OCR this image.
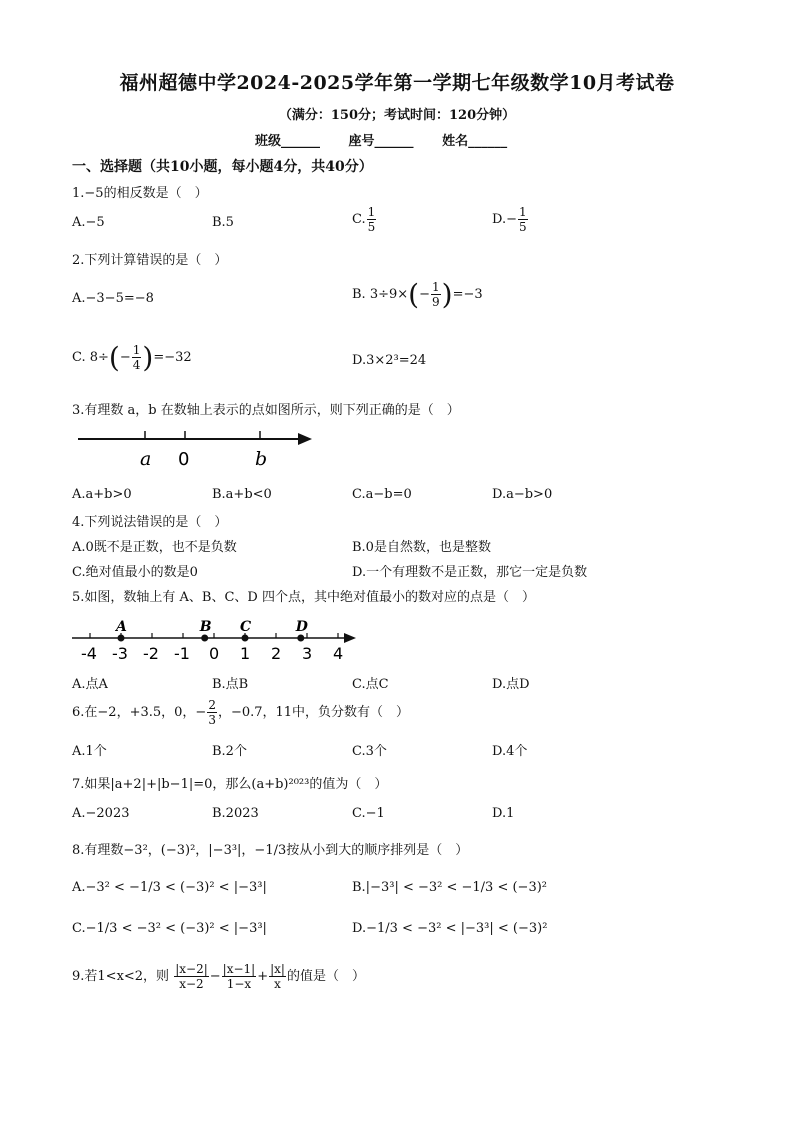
福州超德中学2024-2025学年第一学期七年级数学10月考试卷
（满分：150分；考试时间：120分钟）
班级______ 座号______ 姓名______
一、选择题（共10小题，每小题4分，共40分）
1.−5的相反数是（　）
A.−5	B.5	C. $\frac{1}{5}$	$D.- \frac{1}{5}$
2.下列计算错误的是（　）
A.−3−5=−8	B. $3\div 9\times(- \frac{1}{9} )=-3$
C. $8\div(- \frac{1}{4} )=-32$	D.3×2³=24
3.有理数 a，b 在数轴上表示的点如图所示，则下列正确的是（　）
a 0	b
A.a+b>0	B.a+b<0	C.a−b=0	D.a−b>0
4.下列说法错误的是（　）
A.0既不是正数，也不是负数	B.0是自然数，也是整数
C.绝对值最小的数是0	D.一个有理数不是正数，那它一定是负数
5.如图，数轴上有 A、B、C、D 四个点，其中绝对值最小的数对应的点是（　）
-4 -3 -2 -1 0 1 2 3 4
A	B C	D
A.点A	B.点B	C.点C	D.点D
6.在−2，+3.5，0，− $\frac{2}{3}$ ，−0.7，11中，负分数有（　）
A.1个	B.2个	C.3个	D.4个
7.如果|a+2|+|b−1|=0，那么(a+b)²⁰²³的值为（　）
A.−2023	B.2023	C.−1	D.1
8.有理数−3²，(−3)²，|−3³|，−1/3按从小到大的顺序排列是（　）
A.−3² < −1/3 < (−3)² < |−3³|	B.|−3³| < −3² < −1/3 < (−3)²
C.−1/3 < −3² < (−3)² < |−3³|	D.−1/3 < −3² < |−3³| < (−3)²
9.若1<x<2，则 $\frac{|x-2|}{x-2} - \frac{|x-1|}{1-x} + \frac{|x|}{x}$ 的值是（　）
